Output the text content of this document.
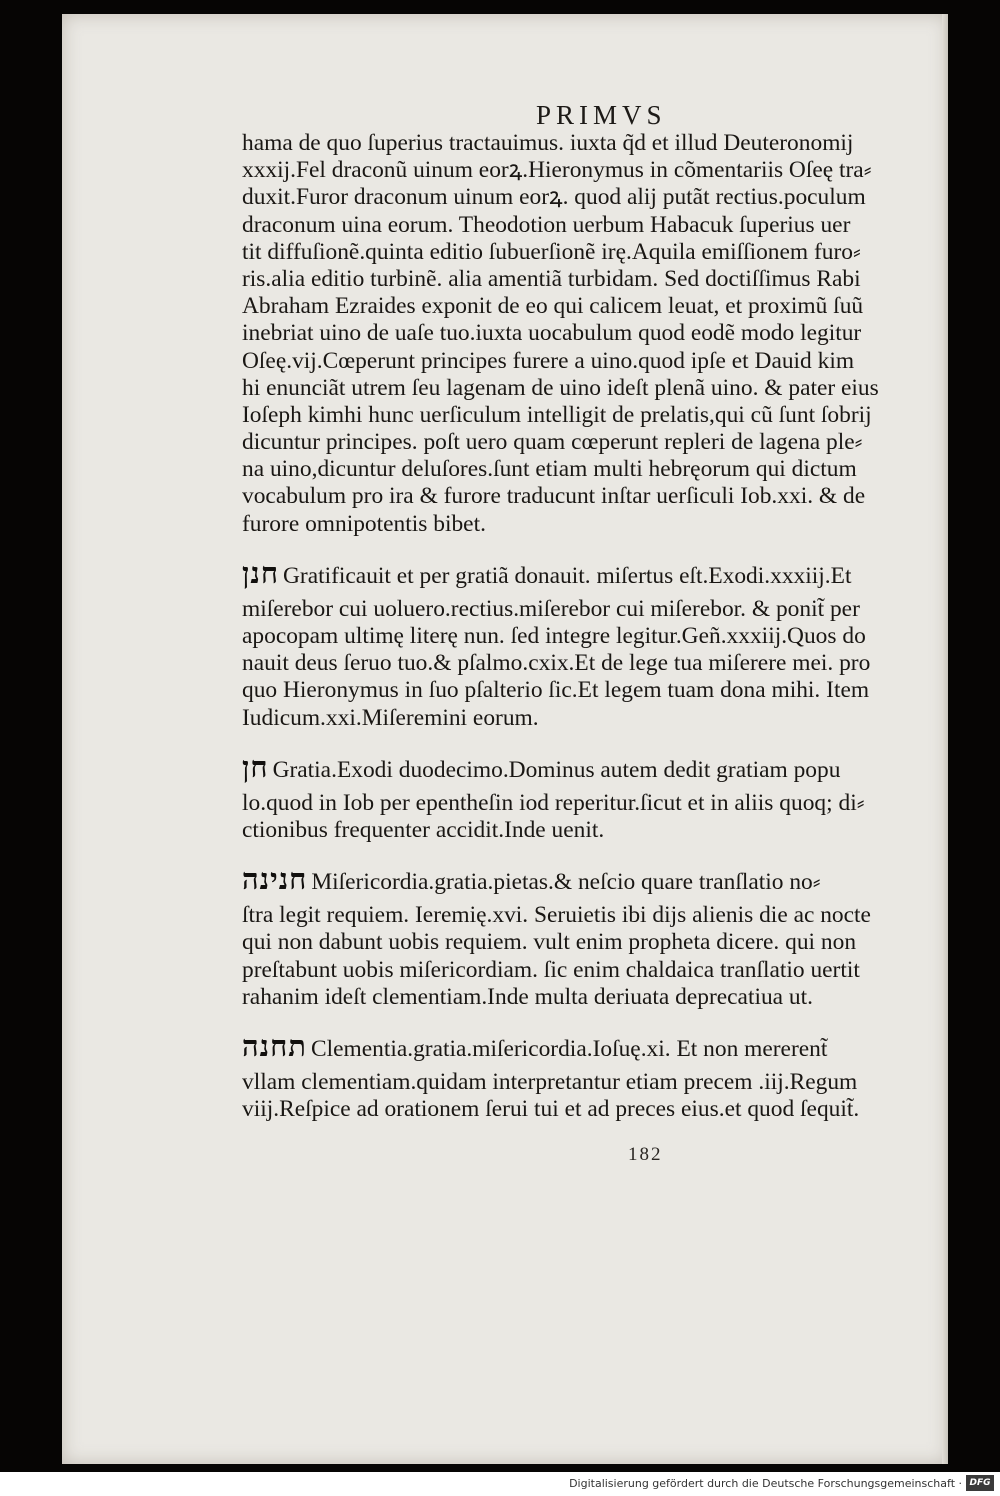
PRIMVS
hama de quo ſuperius tractauimus. iuxta q̃d et illud Deuteronomij
xxxij.Fel draconũ uinum eorꝝ.Hieronymus in cõmentariis Oſeę tra⸗
duxit.Furor draconum uinum eorꝝ. quod alij putãt rectius.poculum
draconum uina eorum. Theodotion uerbum Habacuk ſuperius uer
tit diffuſionẽ.quinta editio ſubuerſionẽ irę.Aquila emiſſionem furo⸗
ris.alia editio turbinẽ. alia amentiã turbidam. Sed doctiſſimus Rabi
Abraham Ezraides exponit de eo qui calicem leuat, et proximũ ſuũ
inebriat uino de uaſe tuo.iuxta uocabulum quod eodẽ modo legitur
Oſeę.vij.Cœperunt principes furere a uino.quod ipſe et Dauid kim
hi enunciãt utrem ſeu lagenam de uino ideſt plenã uino. & pater eius
Ioſeph kimhi hunc uerſiculum intelligit de prelatis,qui cũ ſunt ſobrij
dicuntur principes. poſt uero quam cœperunt repleri de lagena ple⸗
na uino,dicuntur deluſores.ſunt etiam multi hebręorum qui dictum
vocabulum pro ira & furore traducunt inſtar uerſiculi Iob.xxi. & de
furore omnipotentis bibet.
חנן Gratificauit et per gratiã donauit. miſertus eſt.Exodi.xxxiij.Et
miſerebor cui uoluero.rectius.miſerebor cui miſerebor. & ponit̃ per
apocopam ultimę literę nun. ſed integre legitur.Geñ.xxxiij.Quos do
nauit deus ſeruo tuo.& pſalmo.cxix.Et de lege tua miſerere mei. pro
quo Hieronymus in ſuo pſalterio ſic.Et legem tuam dona mihi. Item
Iudicum.xxi.Miſeremini eorum.
חן Gratia.Exodi duodecimo.Dominus autem dedit gratiam popu
lo.quod in Iob per epentheſin iod reperitur.ſicut et in aliis quoq; di⸗
ctionibus frequenter accidit.Inde uenit.
חנינה Miſericordia.gratia.pietas.& neſcio quare tranſlatio no⸗
ſtra legit requiem. Ieremię.xvi. Seruietis ibi dijs alienis die ac nocte
qui non dabunt uobis requiem. vult enim propheta dicere. qui non
preſtabunt uobis miſericordiam. ſic enim chaldaica tranſlatio uertit
rahanim ideſt clementiam.Inde multa deriuata deprecatiua ut.
תחנה Clementia.gratia.miſericordia.Ioſuę.xi. Et non mererent̃
vllam clementiam.quidam interpretantur etiam precem .iij.Regum
viij.Reſpice ad orationem ſerui tui et ad preces eius.et quod ſequit̃.
182
Digitalisierung gefördert durch die Deutsche Forschungsgemeinschaft · DFG
